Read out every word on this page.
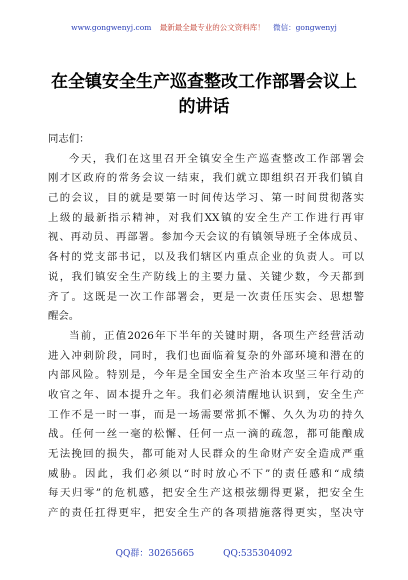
www.gongwenyj.com 最新最全最专业的公文资料库！ 微信：gongwenyj
在全镇安全生产巡查整改工作部署会议上
的讲话
同志们：
今天，我们在这里召开全镇安全生产巡查整改工作部署会
刚才区政府的常务会议一结束，我们就立即组织召开我们镇自
己的会议，目的就是要第一时间传达学习、第一时间贯彻落实
上级的最新指示精神，对我们XX镇的安全生产工作进行再审
视、再动员、再部署。参加今天会议的有镇领导班子全体成员、
各村的党支部书记，以及我们辖区内重点企业的负责人。可以
说，我们镇安全生产防线上的主要力量、关键少数，今天都到
齐了。这既是一次工作部署会，更是一次责任压实会、思想警
醒会。
当前，正值2026年下半年的关键时期，各项生产经营活动
进入冲刺阶段，同时，我们也面临着复杂的外部环境和潜在的
内部风险。特别是，今年是全国安全生产治本攻坚三年行动的
收官之年、固本提升之年。我们必须清醒地认识到，安全生产
工作不是一时一事，而是一场需要常抓不懈、久久为功的持久
战。任何一丝一毫的松懈、任何一点一滴的疏忽，都可能酿成
无法挽回的损失，都可能对人民群众的生命财产安全造成严重
威胁。因此，我们必须以“时时放心不下”的责任感和“成绩
每天归零”的危机感，把安全生产这根弦绷得更紧，把安全生
产的责任扛得更牢，把安全生产的各项措施落得更实，坚决守
QQ群：30265665	QQ:535304092
